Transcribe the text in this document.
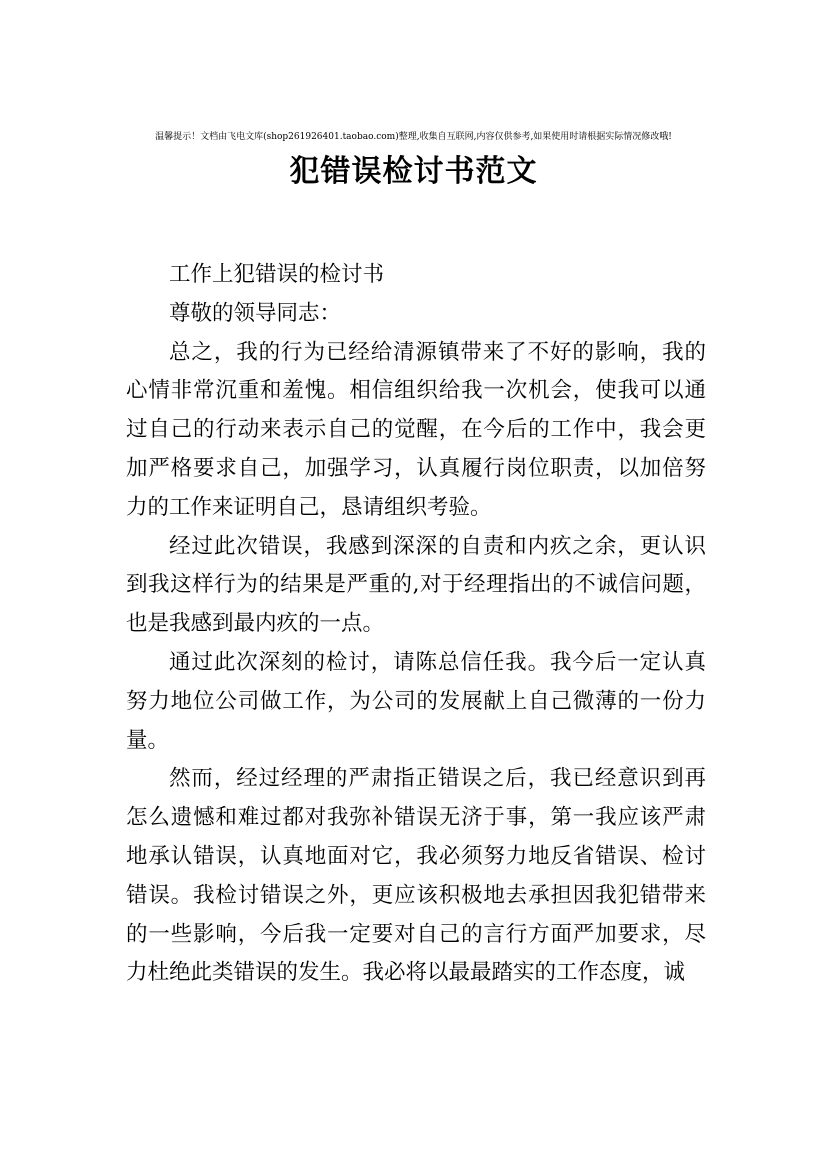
温馨提示！文档由飞电文库(shop261926401.taobao.com)整理,收集自互联网,内容仅供参考,如果使用时请根据实际情况修改哦!
犯错误检讨书范文

工作上犯错误的检讨书

尊敬的领导同志：

总之，我的行为已经给清源镇带来了不好的影响，我的心情非常沉重和羞愧。相信组织给我一次机会，使我可以通过自己的行动来表示自己的觉醒，在今后的工作中，我会更加严格要求自己，加强学习，认真履行岗位职责，以加倍努力的工作来证明自己，恳请组织考验。

经过此次错误，我感到深深的自责和内疚之余，更认识到我这样行为的结果是严重的,对于经理指出的不诚信问题，也是我感到最内疚的一点。

通过此次深刻的检讨，请陈总信任我。我今后一定认真努力地位公司做工作，为公司的发展献上自己微薄的一份力量。

然而，经过经理的严肃指正错误之后，我已经意识到再怎么遗憾和难过都对我弥补错误无济于事，第一我应该严肃地承认错误，认真地面对它，我必须努力地反省错误、检讨错误。我检讨错误之外，更应该积极地去承担因我犯错带来的一些影响，今后我一定要对自己的言行方面严加要求，尽力杜绝此类错误的发生。我必将以最最踏实的工作态度，诚
